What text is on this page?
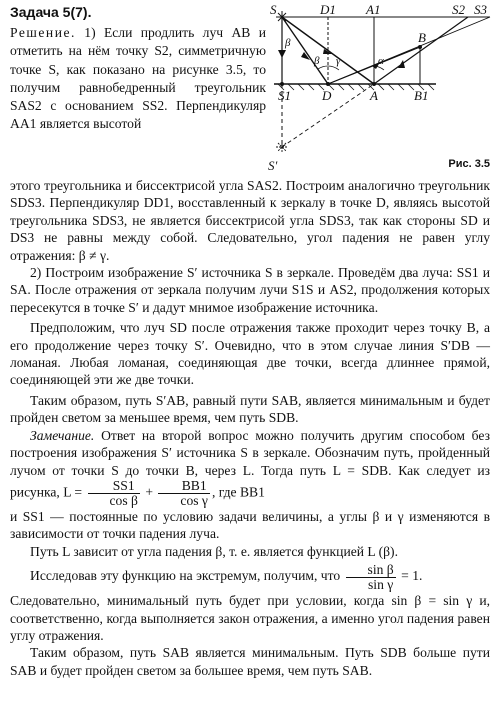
Задача 5(7).
Решение. 1) Если продлить луч AB и отметить на нём точку S2, симметричную точке S, как показано на рисунке 3.5, то получим равнобедренный треугольник SAS2 с основанием SS2. Перпендикуляр AA1 является высотой
S	D1 A1	S2 S3
β
γ	α
β
B
S1 D	A	B1
S′	Рис. 3.5

этого треугольника и биссектрисой угла SAS2. Построим аналогично треугольник SDS3. Перпендикуляр DD1, восставленный к зеркалу в точке D, являясь высотой треугольника SDS3, не является биссектрисой угла SDS3, так как стороны SD и DS3 не равны между собой. Следовательно, угол падения не равен углу отражения: β ≠ γ.

2) Построим изображение S′ источника S в зеркале. Проведём два луча: SS1 и SA. После отражения от зеркала получим лучи S1S и AS2, продолжения которых пересекутся в точке S′ и дадут мнимое изображение источника.

Предположим, что луч SD после отражения также проходит через точку B, а его продолжение через точку S′. Очевидно, что в этом случае линия S′DB — ломаная. Любая ломаная, соединяющая две точки, всегда длиннее прямой, соединяющей эти же две точки.

Таким образом, путь S′AB, равный пути SAB, является минимальным и будет пройден светом за меньшее время, чем путь SDB.

Замечание. Ответ на второй вопрос можно получить другим способом без построения изображения S′ источника S в зеркале. Обозначим путь, пройденный лучом от точки S до точки B, через L. Тогда путь L = SDB. Как следует из рисунка, $L = \frac{SS1}{\text{cos β}} + \frac{BB1}{\text{cos γ}}$ , где BB1

и SS1 — постоянные по условию задачи величины, а углы β и γ изменяются в зависимости от точки падения луча.

Путь L зависит от угла падения β, т. е. является функцией L (β).

Исследовав эту функцию на экстремум, получим, что $\frac{\text{sin β}}{\text{sin γ}} = 1$.

Следовательно, минимальный путь будет при условии, когда sin β = sin γ и, соответственно, когда выполняется закон отражения, а именно угол падения равен углу отражения.

Таким образом, путь SAB является минимальным. Путь SDB больше пути SAB и будет пройден светом за большее время, чем путь SAB.
